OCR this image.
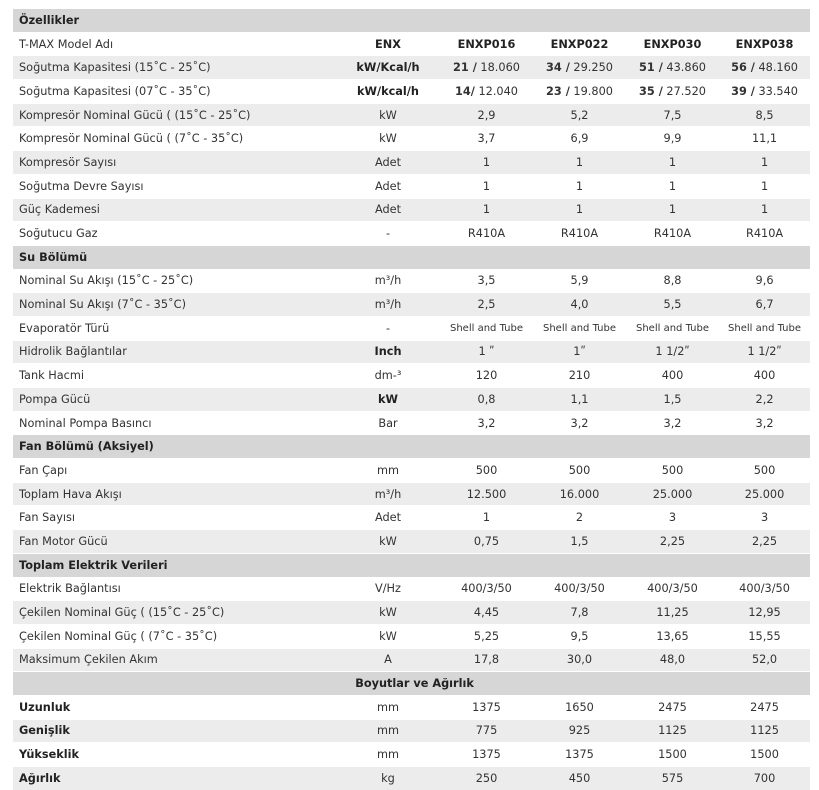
Özellikler					
T-MAX Model Adı	ENX	ENXP016	ENXP022	ENXP030	ENXP038
Soğutma Kapasitesi (15˚C - 25˚C)	kW/Kcal/h	21 / 18.060	34 / 29.250	51 / 43.860	56 / 48.160
Soğutma Kapasitesi (07˚C - 35˚C)	kW/kcal/h	14/ 12.040	23 / 19.800	35 / 27.520	39 / 33.540
Kompresör Nominal Gücü ( (15˚C - 25˚C)	kW	2,9	5,2	7,5	8,5
Kompresör Nominal Gücü ( (7˚C - 35˚C)	kW	3,7	6,9	9,9	11,1
Kompresör Sayısı	Adet	1	1	1	1
Soğutma Devre Sayısı	Adet	1	1	1	1
Güç Kademesi	Adet	1	1	1	1
Soğutucu Gaz	-	R410A	R410A	R410A	R410A
Su Bölümü					
Nominal Su Akışı (15˚C - 25˚C)	m³/h	3,5	5,9	8,8	9,6
Nominal Su Akışı (7˚C - 35˚C)	m³/h	2,5	4,0	5,5	6,7
Evaporatör Türü	-	Shell and Tube	Shell and Tube	Shell and Tube	Shell and Tube
Hidrolik Bağlantılar	Inch	1 ʺ	1ʺ	1 1/2ʺ	1 1/2ʺ
Tank Hacmi	dm-³	120	210	400	400
Pompa Gücü	kW	0,8	1,1	1,5	2,2
Nominal Pompa Basıncı	Bar	3,2	3,2	3,2	3,2
Fan Bölümü (Aksiyel)					
Fan Çapı	mm	500	500	500	500
Toplam Hava Akışı	m³/h	12.500	16.000	25.000	25.000
Fan Sayısı	Adet	1	2	3	3
Fan Motor Gücü	kW	0,75	1,5	2,25	2,25
Toplam Elektrik Verileri					
Elektrik Bağlantısı	V/Hz	400/3/50	400/3/50	400/3/50	400/3/50
Çekilen Nominal Güç ( (15˚C - 25˚C)	kW	4,45	7,8	11,25	12,95
Çekilen Nominal Güç ( (7˚C - 35˚C)	kW	5,25	9,5	13,65	15,55
Maksimum Çekilen Akım	A	17,8	30,0	48,0	52,0
Boyutlar ve Ağırlık					
Uzunluk	mm	1375	1650	2475	2475
Genişlik	mm	775	925	1125	1125
Yükseklik	mm	1375	1375	1500	1500
Ağırlık	kg	250	450	575	700
